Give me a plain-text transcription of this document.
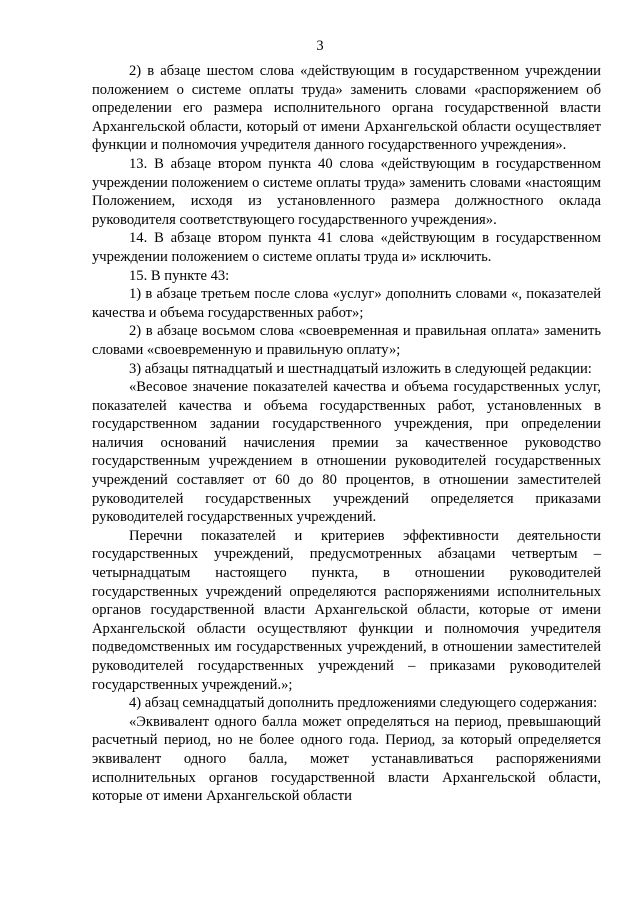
3

2) в абзаце шестом слова «действующим в государственном учреждении положением о системе оплаты труда» заменить словами «распоряжением об определении его размера исполнительного органа государственной власти Архангельской области, который от имени Архангельской области осуществляет функции и полномочия учредителя данного государственного учреждения».

13. В абзаце втором пункта 40 слова «действующим в государственном учреждении положением о системе оплаты труда» заменить словами «настоящим Положением, исходя из установленного размера должностного оклада руководителя соответствующего государственного учреждения».

14. В абзаце втором пункта 41 слова «действующим в государственном учреждении положением о системе оплаты труда и» исключить.

15. В пункте 43:

1) в абзаце третьем после слова «услуг» дополнить словами «, показателей качества и объема государственных работ»;

2) в абзаце восьмом слова «своевременная и правильная оплата» заменить словами «своевременную и правильную оплату»;

3) абзацы пятнадцатый и шестнадцатый изложить в следующей редакции:

«Весовое значение показателей качества и объема государственных услуг, показателей качества и объема государственных работ, установленных в государственном задании государственного учреждения, при определении наличия оснований начисления премии за качественное руководство государственным учреждением в отношении руководителей государственных учреждений составляет от 60 до 80 процентов, в отношении заместителей руководителей государственных учреждений определяется приказами руководителей государственных учреждений.

Перечни показателей и критериев эффективности деятельности государственных учреждений, предусмотренных абзацами четвертым – четырнадцатым настоящего пункта, в отношении руководителей государственных учреждений определяются распоряжениями исполнительных органов государственной власти Архангельской области, которые от имени Архангельской области осуществляют функции и полномочия учредителя подведомственных им государственных учреждений, в отношении заместителей руководителей государственных учреждений – приказами руководителей государственных учреждений.»;

4) абзац семнадцатый дополнить предложениями следующего содержания:

«Эквивалент одного балла может определяться на период, превышающий расчетный период, но не более одного года. Период, за который определяется эквивалент одного балла, может устанавливаться распоряжениями исполнительных органов государственной власти Архангельской области, которые от имени Архангельской области
